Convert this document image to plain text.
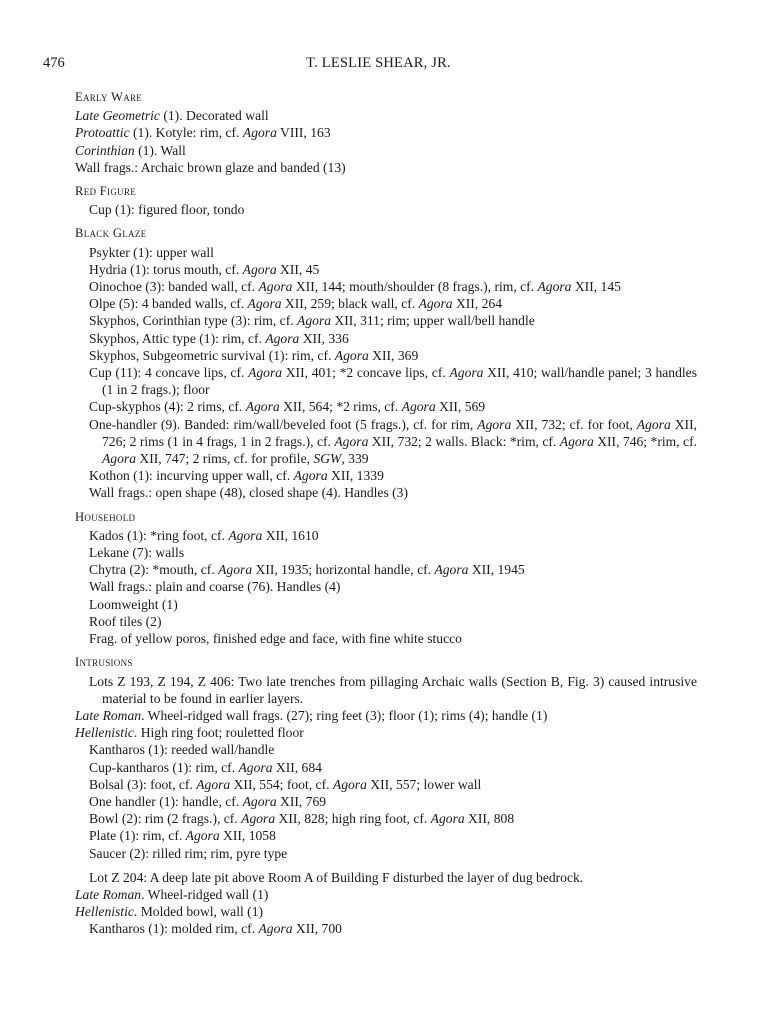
476	T. LESLIE SHEAR, JR.
Early Ware
Late Geometric (1). Decorated wall
Protoattic (1). Kotyle: rim, cf. Agora VIII, 163
Corinthian (1). Wall
Wall frags.: Archaic brown glaze and banded (13)
Red Figure
Cup (1): figured floor, tondo
Black Glaze
Psykter (1): upper wall
Hydria (1): torus mouth, cf. Agora XII, 45
Oinochoe (3): banded wall, cf. Agora XII, 144; mouth/shoulder (8 frags.), rim, cf. Agora XII, 145
Olpe (5): 4 banded walls, cf. Agora XII, 259; black wall, cf. Agora XII, 264
Skyphos, Corinthian type (3): rim, cf. Agora XII, 311; rim; upper wall/bell handle
Skyphos, Attic type (1): rim, cf. Agora XII, 336
Skyphos, Subgeometric survival (1): rim, cf. Agora XII, 369
Cup (11): 4 concave lips, cf. Agora XII, 401; *2 concave lips, cf. Agora XII, 410; wall/handle panel; 3 handles (1 in 2 frags.); floor
Cup-skyphos (4): 2 rims, cf. Agora XII, 564; *2 rims, cf. Agora XII, 569
One-handler (9). Banded: rim/wall/beveled foot (5 frags.), cf. for rim, Agora XII, 732; cf. for foot, Agora XII, 726; 2 rims (1 in 4 frags, 1 in 2 frags.), cf. Agora XII, 732; 2 walls. Black: *rim, cf. Agora XII, 746; *rim, cf. Agora XII, 747; 2 rims, cf. for profile, SGW, 339
Kothon (1): incurving upper wall, cf. Agora XII, 1339
Wall frags.: open shape (48), closed shape (4). Handles (3)
Household
Kados (1): *ring foot, cf. Agora XII, 1610
Lekane (7): walls
Chytra (2): *mouth, cf. Agora XII, 1935; horizontal handle, cf. Agora XII, 1945
Wall frags.: plain and coarse (76). Handles (4)
Loomweight (1)
Roof tiles (2)
Frag. of yellow poros, finished edge and face, with fine white stucco
Intrusions
Lots Z 193, Z 194, Z 406: Two late trenches from pillaging Archaic walls (Section B, Fig. 3) caused intrusive material to be found in earlier layers.
Late Roman. Wheel-ridged wall frags. (27); ring feet (3); floor (1); rims (4); handle (1)
Hellenistic. High ring foot; rouletted floor
Kantharos (1): reeded wall/handle
Cup-kantharos (1): rim, cf. Agora XII, 684
Bolsal (3): foot, cf. Agora XII, 554; foot, cf. Agora XII, 557; lower wall
One handler (1): handle, cf. Agora XII, 769
Bowl (2): rim (2 frags.), cf. Agora XII, 828; high ring foot, cf. Agora XII, 808
Plate (1): rim, cf. Agora XII, 1058
Saucer (2): rilled rim; rim, pyre type
Lot Z 204: A deep late pit above Room A of Building F disturbed the layer of dug bedrock.
Late Roman. Wheel-ridged wall (1)
Hellenistic. Molded bowl, wall (1)
Kantharos (1): molded rim, cf. Agora XII, 700
